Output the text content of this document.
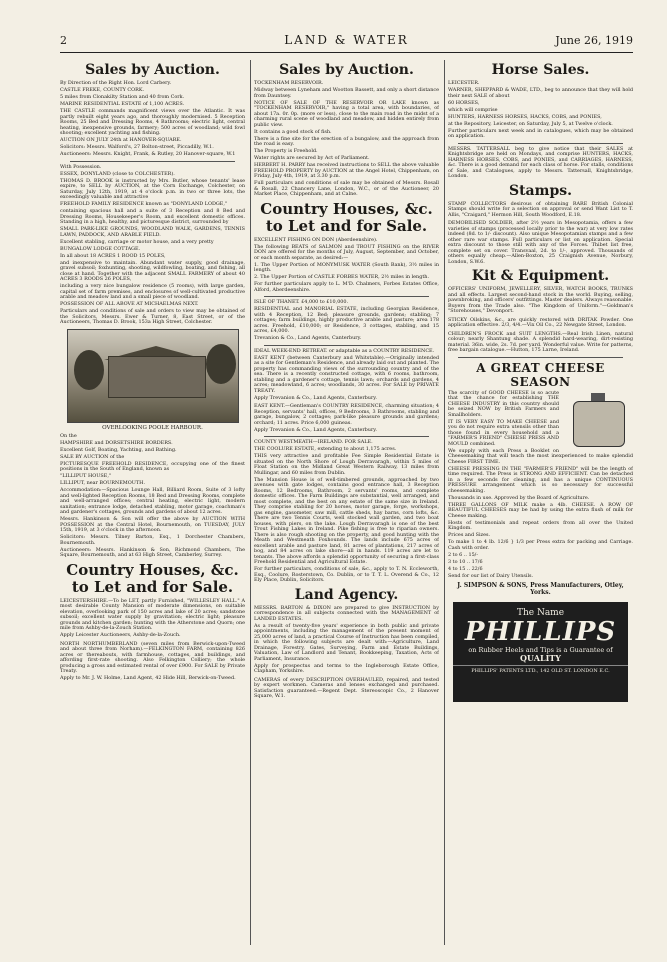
2	LAND & WATER	June 26, 1919
Sales by Auction.

By Direction of the Right Hon. Lord Carbery.

CASTLE FREKE, COUNTY CORK.

5 miles from Clonakilty Station and 40 from Cork.

MARINE RESIDENTIAL ESTATE of 1,100 ACRES.

THE CASTLE commands magnificent views over the Atlantic. It was partly rebuilt eight years ago, and thoroughly modernised. 5 Reception Rooms, 25 Bed and Dressing Rooms, 4 Bathrooms; electric light, central heating, inexpensive grounds, farmery; 500 acres of woodland; wild fowl shooting; excellent yachting and fishing.

AUCTION ON JULY 24th at HANOVER-SQUARE.

Solicitors: Messrs. Walford's, 27 Bolton-street, Piccadilly, W.1.

Auctioneers: Messrs. Knight, Frank, & Rutley, 20 Hanover-square, W.1

With Possession.

ESSEX, DONYLAND (close to COLCHESTER).

THOMAS D. BROOK is instructed by Mrs. Butler, whose tenants' lease expire, to SELL by AUCTION, at the Corn Exchange, Colchester, on Saturday, July 12th, 1919, at 4 o'clock p.m. in two or three lots, the exceedingly valuable and attractive

FREEHOLD FAMILY RESIDENCE known as "DONYLAND LODGE,"

containing spacious hall and a suite of 3 Reception and 8 Bed and Dressing Rooms, Housekeeper's Room, and excellent domestic offices. Standing in a high, healthy, and picturesque district, surrounded by

SMALL PARK-LIKE GROUNDS, WOODLAND WALK, GARDENS, TENNIS LAWN, PADDOCK, AND ARABLE FIELD.

Excellent stabling, carriage or motor house, and a very pretty

BUNGALOW LODGE COTTAGE.

In all about 18 ACRES 1 ROOD 15 POLES,

and inexpensive to maintain. Abundant water supply, good drainage, gravel subsoil; foxhunting, shooting, wildfowling, boating, and fishing, all close at hand. Together with the adjacent SMALL FARMERY of about 40 ACRES 3 ROODS 26 POLES,

including a very nice bungalow residence (5 rooms), with large garden, capital set of farm premises, and enclosures of well-cultivated productive arable and meadow land and a small piece of woodland.

POSSESSION OF ALL ABOVE AT MICHAELMAS NEXT.

Particulars and conditions of sale and orders to view may be obtained of the Solicitors, Messrs. Ewer & Turner, 8, East Street, or of the Auctioneers, Thomas D. Brook, 153a High Street, Colchester.

OVERLOOKING POOLE HARBOUR.

On the

HAMPSHIRE and DORSETSHIRE BORDERS.

Excellent Golf, Boating, Yachting, and Bathing.

SALE BY AUCTION of the

PICTURESQUE FREEHOLD RESIDENCE, occupying one of the finest positions in the South of England, known as

"LILLIPUT HOUSE,"

LILLIPUT, near BOURNEMOUTH.

Accommodation:—Spacious Lounge Hall, Billiard Room, Suite of 3 lofty and well-lighted Reception Rooms, 18 Bed and Dressing Rooms, complete and well-arranged offices; central heating, electric light, modern sanitation; entrance lodge, detached stabling, motor garage, coachman's and gardener's cottages, grounds and gardens of about 12 acres.

Messrs. Hankinson & Son will offer the above by AUCTION WITH POSSESSION at the Central Hotel, Bournemouth, on TUESDAY, JULY 15th, 1919, at 3 o'clock in the afternoon.

Solicitors: Messrs. Tilney Barton, Esq., 1 Dorchester Chambers, Bournemouth.

Auctioneers: Messrs. Hankinson & Son, Richmond Chambers, The Square, Bournemouth, and at 63 High Street, Camberley, Surrey.

Country Houses, &c. to Let and for Sale.

LEICESTERSHIRE.—To be LET, partly Furnished, "WILLESLEY HALL." A most desirable County Mansion of moderate dimensions, on suitable elevation, overlooking park of 150 acres and lake of 20 acres; sandstone subsoil; excellent water supply by gravitation; electric light; pleasure grounds and kitchen garden; hunting with the Atherstone and Quorn; one mile from Ashby-de-la-Zouch Station.

Apply Leicester Auctioneers, Ashby-de-la-Zouch.

NORTH NORTHUMBERLAND (seven miles from Berwick-upon-Tweed and about three from Norham).—FELKINGTON FARM, containing 826 acres or thereabouts, with farmhouse, cottages, and buildings, and affording first-rate shooting. Also Felkington Colliery; the whole producing a gross and estimated rental of over £900. For SALE by Private Treaty.

Apply to Mr. J. W. Holme, Land Agent, 42 Hide Hill, Berwick-on-Tweed.

Sales by Auction.

TOCKENHAM RESERVOIR.

Midway between Lyneham and Wootton Bassett, and only a short distance from Dauntsey.

NOTICE OF SALE OF THE RESERVOIR OR LAKE known as "TOCKENHAM RESERVOIR," having a total area, with boundaries, of about 17a. 0r. 0p. (more or less), close to the main road in the midst of a charming rural scene of woodland and meadow, and hidden entirely from public view.

It contains a good stock of fish.

There is a fine site for the erection of a bungalow, and the approach from the road is easy.

The Property is Freehold.

Water rights are secured by Act of Parliament.

HERBERT H. PARRY has received instructions to SELL the above valuable FREEHOLD PROPERTY by AUCTION at the Angel Hotel, Chippenham, on Friday, July 4th, 1919, at 3.30 p.m.

Full particulars and conditions of sale may be obtained of Messrs. Rosall & Rosall, 22 Chancery Lane, London, W.C., or of the Auctioneer, 20 Market Place, Chippenham, and at Calne.

Country Houses, &c. to Let and for Sale.

EXCELLENT FISHING ON DON (Aberdeenshire).

The following BEATS of SALMON and TROUT FISHING on the RIVER DON are offered for the months of July, August, September, and October, or each month separate, as desired:—

1. The Upper Portion of MONYMUSK WATER (South Bank), 3½ miles in length.

2. The Upper Portion of CASTLE FORBES WATER, 2½ miles in length.

For further particulars apply to L. M'D. Chalmers, Forbes Estates Office, Alford, Aberdeenshire.

ISLE OF THANET. £4,000 to £10,000.

RESIDENTIAL and MANORIAL ESTATE, including Georgian Residence, with 4 Reception, 12 Bed; pleasure grounds, gardens; stabling; 7 cottages; farm buildings, highly productive arable and pasture; area 178 acres. Freehold, £10,000; or Residence, 3 cottages, stabling, and 15 acres, £4,000.

Trevanion & Co., Land Agents, Canterbury.

IDEAL WEEK-END RETREAT. or adaptable as a COUNTRY RESIDENCE.

EAST KENT (between Canterbury and Whitstable).—Originally intended as a site for Gentleman's Residence, and already laid out and planted. The property has commanding views of the surrounding country and of the sea. There is a recently constructed cottage, with 6 rooms, bathroom, stabling and a gardener's cottage, tennis lawn; orchards and gardens, 4 acres; meadowland, 6 acres; woodlands, 30 acres. For SALE by PRIVATE TREATY.

Apply Trevanion & Co., Land Agents, Canterbury.

EAST KENT.—Gentleman's COUNTRY RESIDENCE, charming situation; 4 Reception, servants' hall, offices, 9 Bedrooms, 3 Bathrooms, stabling and garage, bungalow, 2 cottages; park-like pleasure grounds and gardens; orchard; 11 acres. Price 6,000 guineas.

Apply Trevanion & Co., Land Agents, Canterbury.

COUNTY WESTMEATH—IRELAND. FOR SALE.

THE COOLURE ESTATE, extending to about 1,175 acres.

THIS very attractive and profitable Fee Simple Residential Estate is situated on the North Shore of Lough Derravaragh, within 5 miles of Float Station on the Midland Great Western Railway, 13 miles from Mullingar, and 60 miles from Dublin.

The Mansion House is of well-timbered grounds, approached by two avenues with gate lodges, contains good entrance hall, 3 Reception Rooms, 12 Bedrooms, Bathroom, 2 servants' rooms, and complete domestic offices. The Farm Buildings are substantial, well arranged, and most complete, and the best on any estate of the same size in Ireland. They comprise stabling for 20 horses, motor garage, forge, workshops, gas engine, gasometer, saw mill, cattle sheds, hay barns, corn lofts, &c. There are two Tennis Courts, well stocked wall garden, and two boat houses, with piers, on the lake. Lough Derravaragh is one of the best Trout Fishing Lakes in Ireland. Pike fishing is free to riparian owners. There is also rough shooting on the property, and good hunting with the Meath and Westmeath Foxhounds. The lands include 675 acres of excellent arable and pasture land, 81 acres of plantations, 217 acres of bog, and 84 acres on lake shore—all in hands. 119 acres are let to tenants. The above affords a splendid opportunity of securing a first-class Freehold Residential and Agricultural Estate.

For further particulars, conditions of sale, &c., apply to T. N. Eccleworth, Esq., Coolure, Rosterstown, Co. Dublin, or to T. T. L. Overend & Co., 12 Ely Place, Dublin, Solicitors.

Land Agency.

MESSRS. BARTON & DIXON are prepared to give INSTRUCTION by correspondence in all subjects connected with the MANAGEMENT of LANDED ESTATES.

As a result of twenty-five years' experience in both public and private appointments, including the management of the present moment of 25,000 acres of land, a practical Course of Instruction has been compiled, in which the following subjects are dealt with:—Agriculture, Land Drainage, Forestry, Gates, Surveying, Farm and Estate Buildings, Valuation, Law of Landlord and Tenant, Bookkeeping, Taxation, Acts of Parliament, Insurance.

Apply for prospectus and terms to the Ingleborough Estate Office, Clapham, Yorkshire.

CAMERAS of every DESCRIPTION OVERHAULED, repaired, and tested by expert workmen. Cameras and lenses exchanged and purchased. Satisfaction guaranteed.—Regent Dept. Stereoscopic Co., 2 Hanover Square, W.1.

Horse Sales.

LEICESTER.

WARNER, SHEPPARD & WADE, LTD., beg to announce that they will hold their next SALE of about

60 HORSES,

which will comprise

HUNTERS, HARNESS HORSES, HACKS, COBS, and PONIES,

at the Repository, Leicester, on Saturday, July 5, at Twelve o'clock.

Further particulars next week and in catalogues, which may be obtained on application.

MESSRS. TATTERSALL beg to give notice that their SALES at Knightsbridge are held on Mondays, and comprise HUNTERS, HACKS, HARNESS HORSES, COBS, and PONIES, and CARRIAGES, HARNESS, &c. There is a good demand for each class of horse. For stalls, conditions of Sale, and Catalogues, apply to Messrs. Tattersall, Knightsbridge, London.

Stamps.

STAMP COLLECTORS desirous of obtaining RARE British Colonial Stamps should write for a selection on approval or send Want List to T. Allis, "Craigard," Hermon Hill, South Woodford, E.18.

DEMOBILISED SOLDIER, after 2½ years in Mesopotamia, offers a few varieties of stamps (processed locally prior to the war) at very low rates indeed (8d. to 1/- discount). Also unique Mesopotamian stamps and a few other rare war stamps. Full particulars or list on application. Special extra discount to those still with any of the Forces. Thibet list free, complete set on cover. Transvaal, 2d. to 1/-, approved. Thousands of others equally cheap.—Allen-Boxton, 25 Craignish Avenue, Norbury, London, S.W.6.

Kit & Equipment.

OFFICERS' UNIFORM, JEWELLERY, SILVER, WATCH BOOKS, TRUNKS and all effects. Largest second-hand stock in the world. Buying, selling, pawnbroking, and officers' outfittings. Master dealers. Always reasonable. Buyers from the Trade also. "The Kingdom of Uniform."—Goldman's "Storehouses," Devonport.

STICKY Oilskins, &c., are quickly restored with DRITAK Powder. One application effective. 2/3, 4/4.—Vix Oil Co., 22 Newgate Street, London.

CHILDREN'S FROCK and SUIT LENGTHS.—Real Irish Linen, natural colour; nearly Shantung shade. A splendid hard-wearing, dirt-resisting material. 36in. wide, 2s. 7d. per yard. Wonderful value. Write for patterns, free bargain catalogue.—Hutton, 175 Larne, Ireland.

A GREAT CHEESE SEASON

The scarcity of GOOD CHEESE is so acute that the chance for establishing THE CHEESE INDUSTRY in this country should be seized NOW by British Farmers and Smallholders.

IT IS VERY EASY TO MAKE CHEESE and you do not require extra utensils other than those found in every household and a "FARMER'S FRIEND" CHEESE PRESS AND MOULD combined.

We supply with each Press a Booklet on Cheesemaking that will teach the most inexperienced to make splendid Cheese FIRST TIME.

CHEESE PRESSING IN THE "FARMER'S FRIEND" will be the length of time required. The Press is STRONG AND EFFICIENT. Can be detached in a few seconds for cleaning, and has a unique CONTINUOUS PRESSURE arrangement which is so necessary for successful cheesemaking.

Thousands in use. Approved by the Board of Agriculture.

THREE GALLONS OF MILK make a 4lb. CHEESE. A ROW OF BEAUTIFUL CHEESES may be had by using the extra flush of milk for Cheese making.

Hosts of testimonials and repeat orders from all over the United Kingdom.

Prices and Sizes.

To make 1 to 4 lb. 12/6 } 1/3 per Press extra for packing and Carriage. Cash with order.

2 to 6 .. 15/-

3 to 10 .. 17/6

4 to 15 .. 22/6

Send for our list of Dairy Utensils.

J. SIMPSON & SONS, Press Manufacturers, Otley, Yorks.
The Name
PHILLIPS
on Rubber Heels and Tips is a Guarantee of
QUALITY
PHILLIPS' PATENTS LTD., 142 OLD ST. LONDON E.C.
